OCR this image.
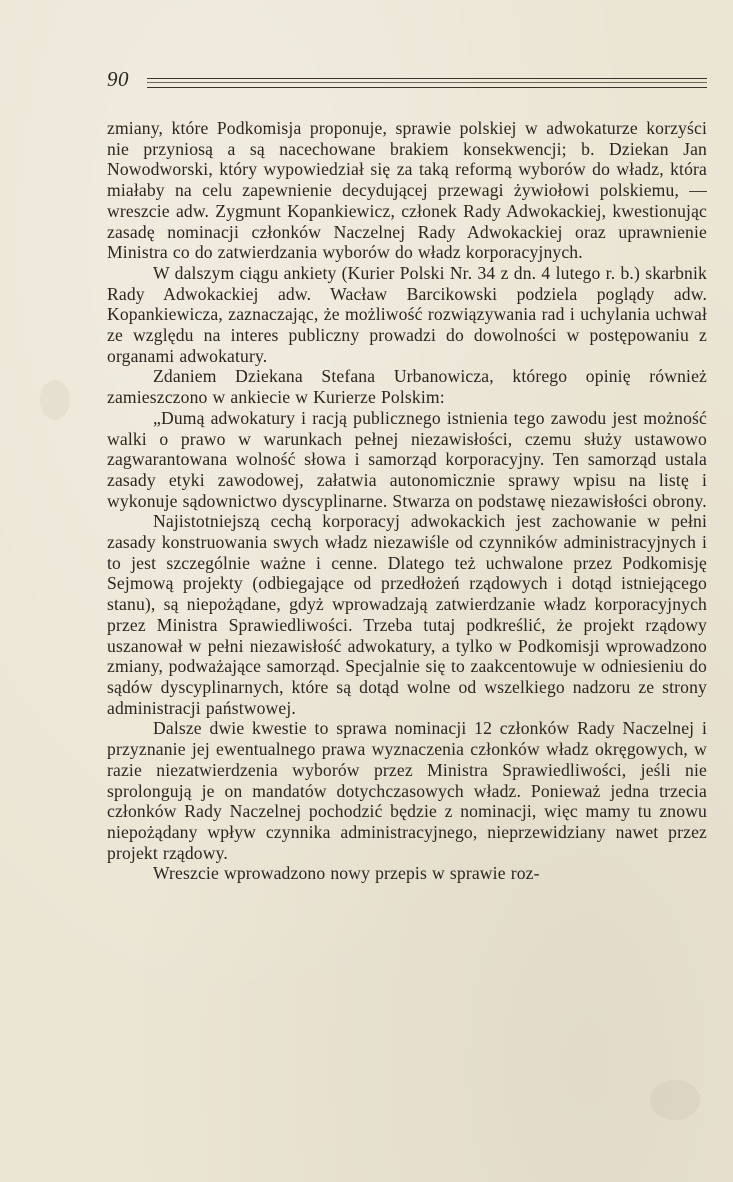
90

zmiany, które Podkomisja proponuje, sprawie polskiej w adwokaturze korzyści nie przyniosą a są nacechowane brakiem konsekwencji; b. Dziekan Jan Nowodworski, który wypowiedział się za taką reformą wyborów do władz, która miałaby na celu zapewnienie decydującej przewagi żywiołowi polskiemu, — wreszcie adw. Zygmunt Kopankiewicz, członek Rady Adwokackiej, kwestionując zasadę nominacji członków Naczelnej Rady Adwokackiej oraz uprawnienie Ministra co do zatwierdzania wyborów do władz korporacyjnych.

W dalszym ciągu ankiety (Kurier Polski Nr. 34 z dn. 4 lutego r. b.) skarbnik Rady Adwokackiej adw. Wacław Barcikowski podziela poglądy adw. Kopankiewicza, zaznaczając, że możliwość rozwiązywania rad i uchylania uchwał ze względu na interes publiczny prowadzi do dowolności w postępowaniu z organami adwokatury.

Zdaniem Dziekana Stefana Urbanowicza, którego opinię również zamieszczono w ankiecie w Kurierze Polskim:

„Dumą adwokatury i racją publicznego istnienia tego zawodu jest możność walki o prawo w warunkach pełnej niezawisłości, czemu służy ustawowo zagwarantowana wolność słowa i samorząd korporacyjny. Ten samorząd ustala zasady etyki zawodowej, załatwia autonomicznie sprawy wpisu na listę i wykonuje sądownictwo dyscyplinarne. Stwarza on podstawę niezawisłości obrony.

Najistotniejszą cechą korporacyj adwokackich jest zachowanie w pełni zasady konstruowania swych władz niezawiśle od czynników administracyjnych i to jest szczególnie ważne i cenne. Dlatego też uchwalone przez Podkomisję Sejmową projekty (odbiegające od przedłożeń rządowych i dotąd istniejącego stanu), są niepożądane, gdyż wprowadzają zatwierdzanie władz korporacyjnych przez Ministra Sprawiedliwości. Trzeba tutaj podkreślić, że projekt rządowy uszanował w pełni niezawisłość adwokatury, a tylko w Podkomisji wprowadzono zmiany, podważające samorząd. Specjalnie się to zaakcentowuje w odniesieniu do sądów dyscyplinarnych, które są dotąd wolne od wszelkiego nadzoru ze strony administracji państwowej.

Dalsze dwie kwestie to sprawa nominacji 12 członków Rady Naczelnej i przyznanie jej ewentualnego prawa wyznaczenia członków władz okręgowych, w razie niezatwierdzenia wyborów przez Ministra Sprawiedliwości, jeśli nie sprolongują je on mandatów dotychczasowych władz. Ponieważ jedna trzecia członków Rady Naczelnej pochodzić będzie z nominacji, więc mamy tu znowu niepożądany wpływ czynnika administracyjnego, nieprzewidziany nawet przez projekt rządowy.

Wreszcie wprowadzono nowy przepis w sprawie roz-
